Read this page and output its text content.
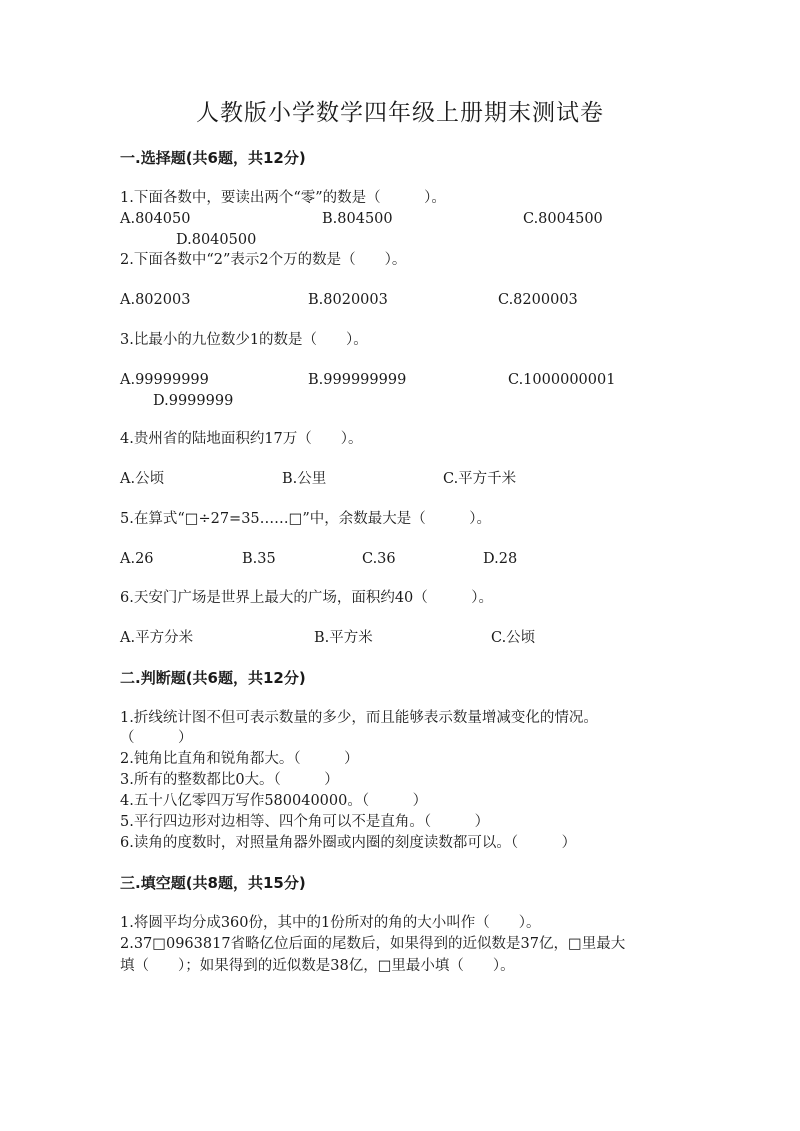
人教版小学数学四年级上册期末测试卷
一.选择题(共6题，共12分)
1.下面各数中，要读出两个“零”的数是（　　　）。
A.804050	B.804500	C.8004500
D.8040500
2.下面各数中“2”表示2个万的数是（　　）。
A.802003	B.8020003	C.8200003
3.比最小的九位数少1的数是（　　）。
A.99999999	B.999999999	C.1000000001
D.9999999
4.贵州省的陆地面积约17万（　　）。
A.公顷	B.公里	C.平方千米
5.在算式“□÷27=35……□”中，余数最大是（　　　）。
A.26	B.35	C.36	D.28
6.天安门广场是世界上最大的广场，面积约40（　　　）。
A.平方分米	B.平方米	C.公顷
二.判断题(共6题，共12分)
1.折线统计图不但可表示数量的多少，而且能够表示数量增减变化的情况。
（　　　）
2.钝角比直角和锐角都大。（　　　）
3.所有的整数都比0大。（　　　）
4.五十八亿零四万写作580040000。（　　　）
5.平行四边形对边相等、四个角可以不是直角。（　　　）
6.读角的度数时，对照量角器外圈或内圈的刻度读数都可以。（　　　）
三.填空题(共8题，共15分)
1.将圆平均分成360份，其中的1份所对的角的大小叫作（　　）。
2.37□0963817省略亿位后面的尾数后，如果得到的近似数是37亿，□里最大
填（　　）；如果得到的近似数是38亿，□里最小填（　　）。
